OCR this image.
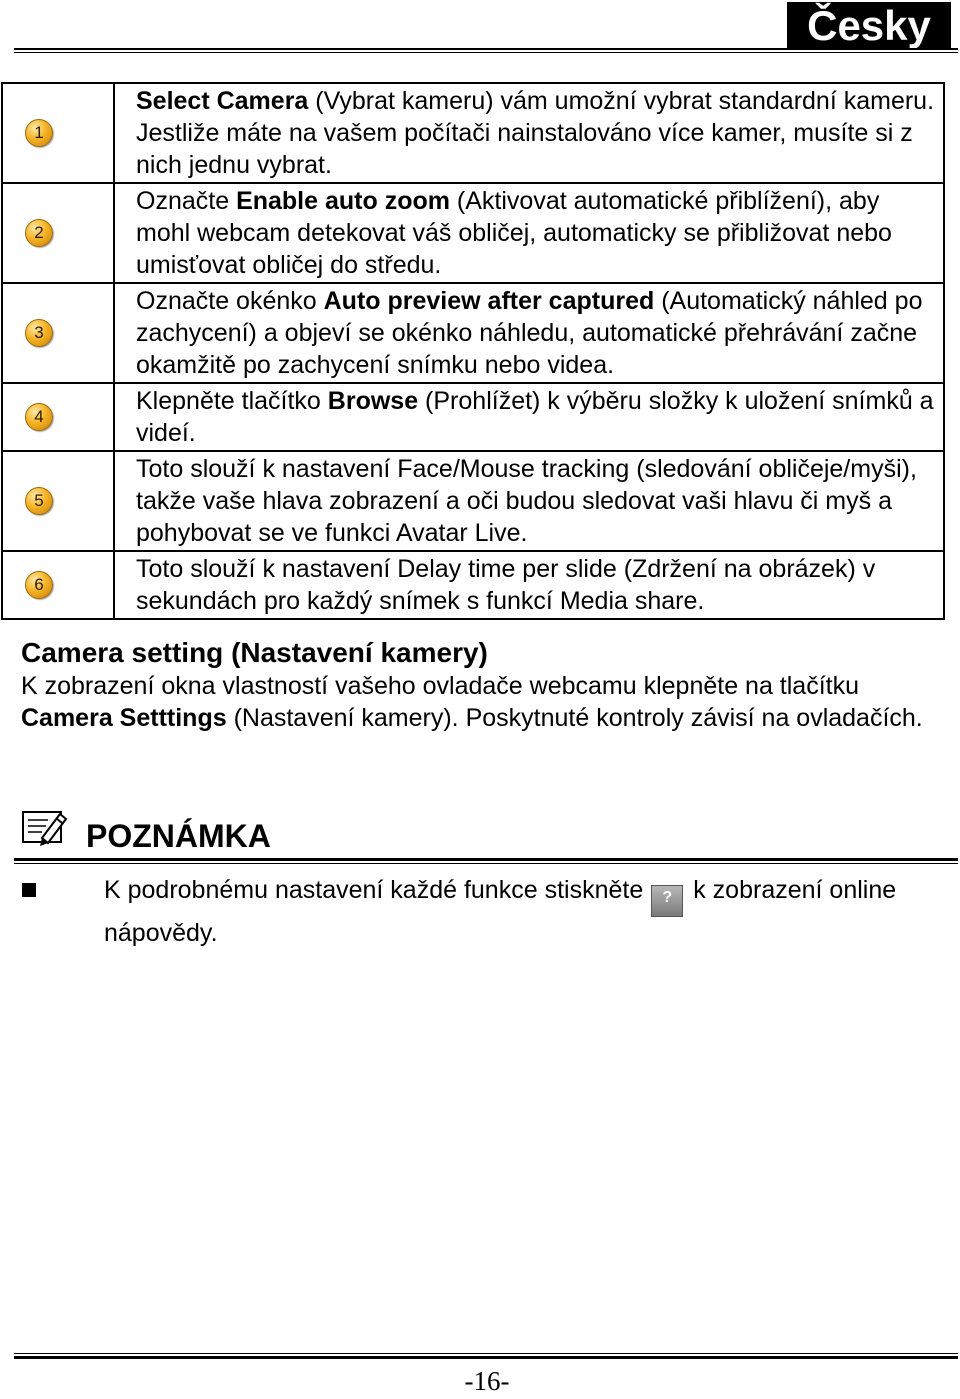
Česky
1	Select Camera (Vybrat kameru) vám umožní vybrat standardní kameru. Jestliže máte na vašem počítači nainstalováno více kamer, musíte si z nich jednu vybrat.
2	Označte Enable auto zoom (Aktivovat automatické přiblížení), aby mohl webcam detekovat váš obličej, automaticky se přibližovat nebo umisťovat obličej do středu.
3	Označte okénko Auto preview after captured (Automatický náhled po zachycení) a objeví se okénko náhledu, automatické přehrávání začne okamžitě po zachycení snímku nebo videa.
4	Klepněte tlačítko Browse (Prohlížet) k výběru složky k uložení snímků a videí.
5	Toto slouží k nastavení Face/Mouse tracking (sledování obličeje/myši), takže vaše hlava zobrazení a oči budou sledovat vaši hlavu či myš a pohybovat se ve funkci Avatar Live.
6	Toto slouží k nastavení Delay time per slide (Zdržení na obrázek) v sekundách pro každý snímek s funkcí Media share.
Camera setting (Nastavení kamery)
K zobrazení okna vlastností vašeho ovladače webcamu klepněte na tlačítku Camera Setttings (Nastavení kamery). Poskytnuté kontroly závisí na ovladačích.
POZNÁMKA
K podrobnému nastavení každé funkce stiskněte ? k zobrazení online nápovědy.
-16-
